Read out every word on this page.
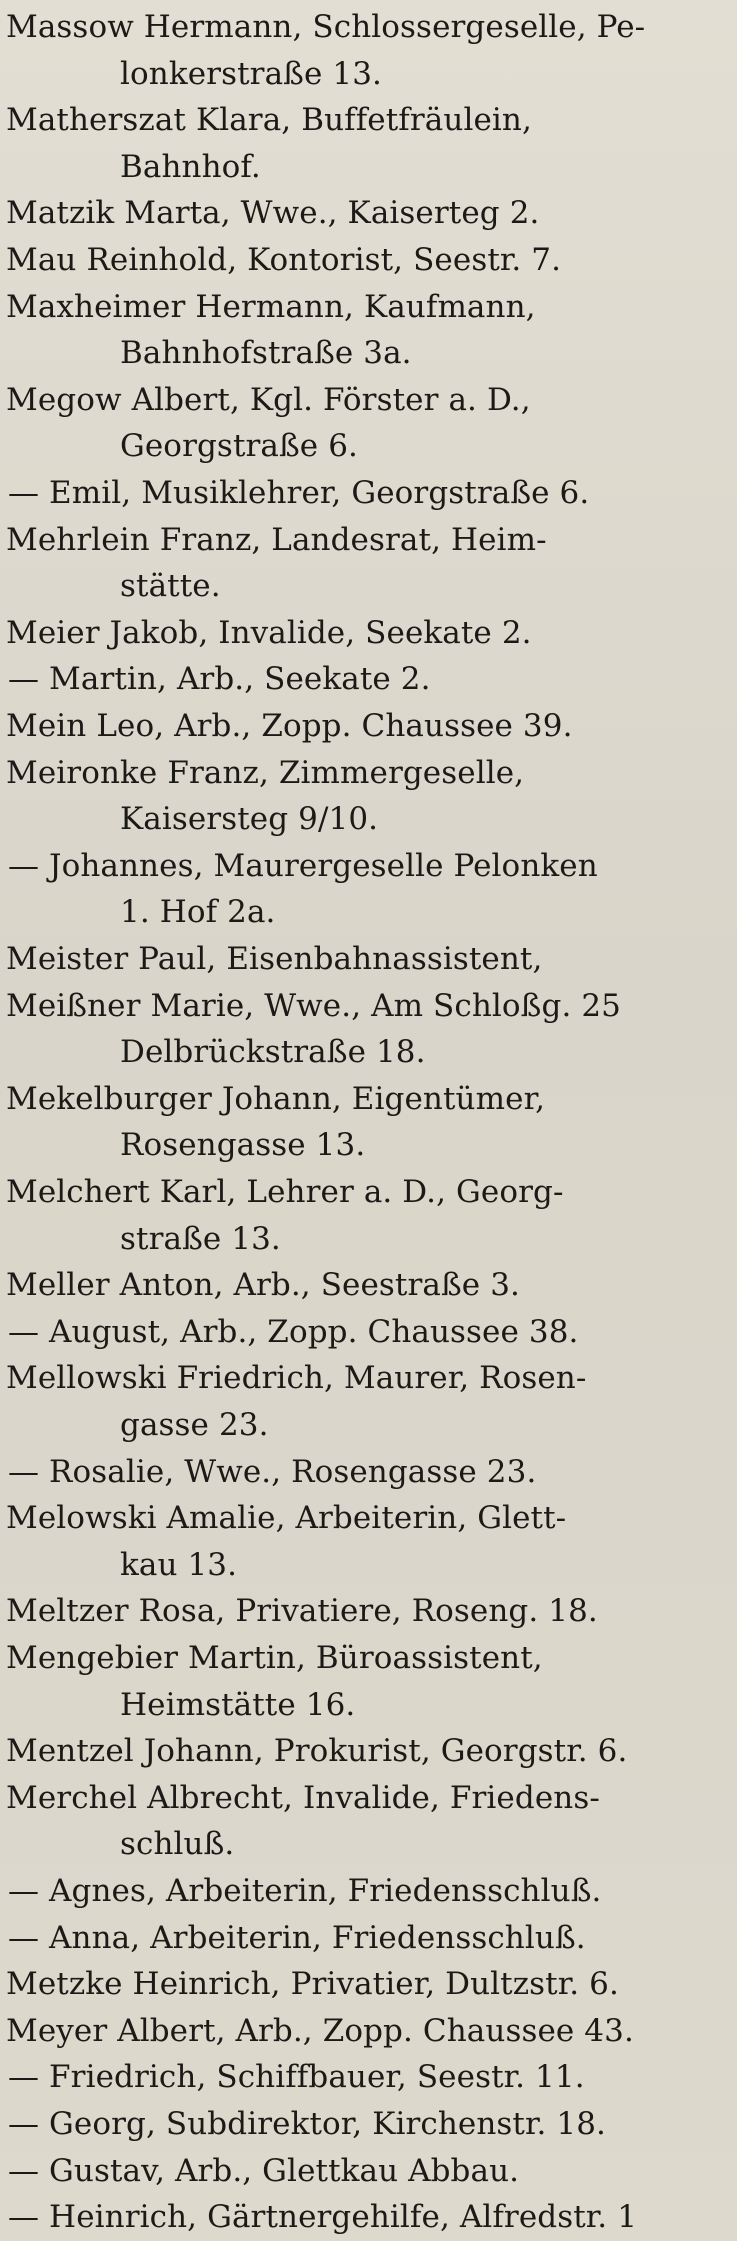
Massow Hermann, Schlossergeselle, Pe-
lonkerstraße 13.
Matherszat Klara, Buffetfräulein,
Bahnhof.
Matzik Marta, Wwe., Kaiserteg 2.
Mau Reinhold, Kontorist, Seestr. 7.
Maxheimer Hermann, Kaufmann,
Bahnhofstraße 3a.
Megow Albert, Kgl. Förster a. D.,
Georgstraße 6.
— Emil, Musiklehrer, Georgstraße 6.
Mehrlein Franz, Landesrat, Heim-
stätte.
Meier Jakob, Invalide, Seekate 2.
— Martin, Arb., Seekate 2.
Mein Leo, Arb., Zopp. Chaussee 39.
Meironke Franz, Zimmergeselle,
Kaisersteg 9/10.
— Johannes, Maurergeselle Pelonken
1. Hof 2a.
Meister Paul, Eisenbahnassistent,
Meißner Marie, Wwe., Am Schloßg. 25
Delbrückstraße 18.
Mekelburger Johann, Eigentümer,
Rosengasse 13.
Melchert Karl, Lehrer a. D., Georg-
straße 13.
Meller Anton, Arb., Seestraße 3.
— August, Arb., Zopp. Chaussee 38.
Mellowski Friedrich, Maurer, Rosen-
gasse 23.
— Rosalie, Wwe., Rosengasse 23.
Melowski Amalie, Arbeiterin, Glett-
kau 13.
Meltzer Rosa, Privatiere, Roseng. 18.
Mengebier Martin, Büroassistent,
Heimstätte 16.
Mentzel Johann, Prokurist, Georgstr. 6.
Merchel Albrecht, Invalide, Friedens-
schluß.
— Agnes, Arbeiterin, Friedensschluß.
— Anna, Arbeiterin, Friedensschluß.
Metzke Heinrich, Privatier, Dultzstr. 6.
Meyer Albert, Arb., Zopp. Chaussee 43.
— Friedrich, Schiffbauer, Seestr. 11.
— Georg, Subdirektor, Kirchenstr. 18.
— Gustav, Arb., Glettkau Abbau.
— Heinrich, Gärtnergehilfe, Alfredstr. 1
